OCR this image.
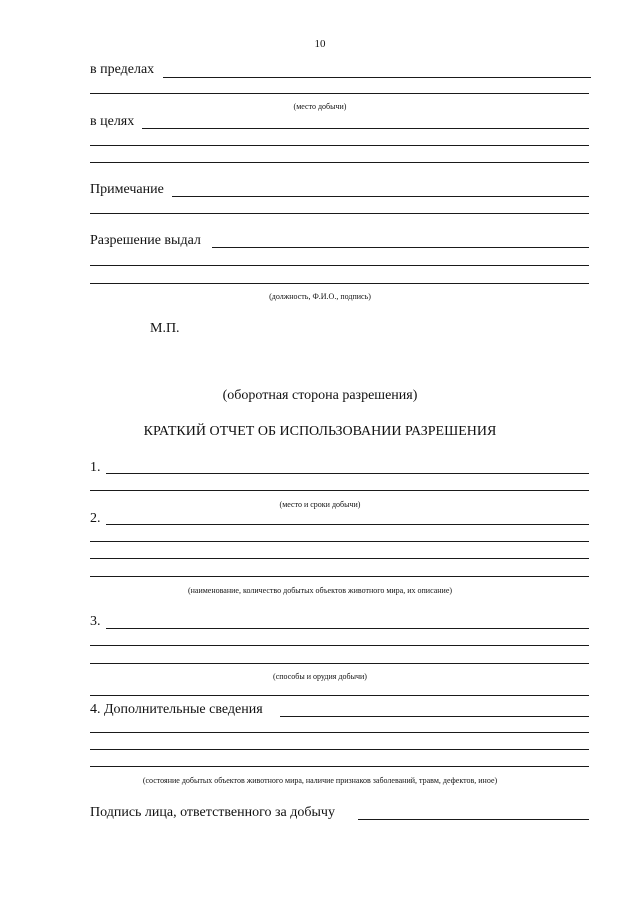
10
в пределах
(место добычи)
в целях
Примечание
Разрешение выдал
(должность, Ф.И.О., подпись)
М.П.
(оборотная сторона разрешения)
КРАТКИЙ ОТЧЕТ ОБ ИСПОЛЬЗОВАНИИ РАЗРЕШЕНИЯ
1.
(место и сроки добычи)
2.
(наименование, количество добытых объектов животного мира, их описание)
3.
(способы и орудия добычи)
4. Дополнительные сведения
(состояние добытых объектов животного мира, наличие признаков заболеваний, травм, дефектов, иное)
Подпись лица, ответственного за добычу
